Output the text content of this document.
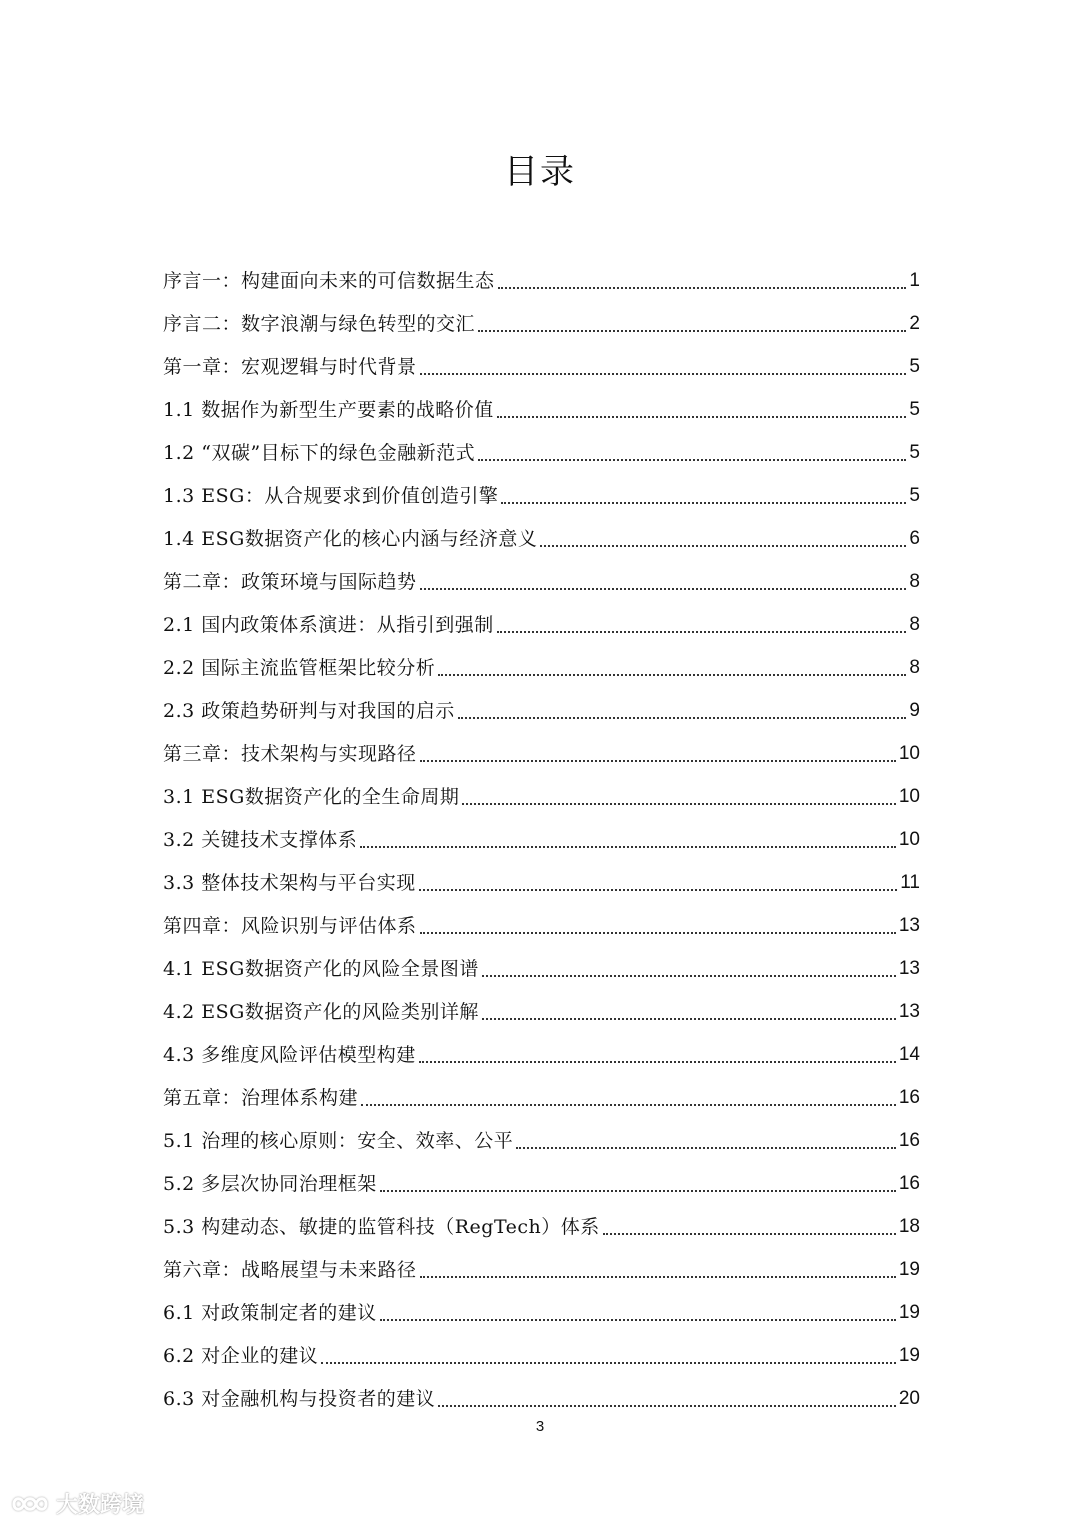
目录
序言一：构建面向未来的可信数据生态	1
序言二：数字浪潮与绿色转型的交汇	2
第一章：宏观逻辑与时代背景	5
1.1 数据作为新型生产要素的战略价值	5
1.2 “双碳”目标下的绿色金融新范式	5
1.3 ESG：从合规要求到价值创造引擎	5
1.4 ESG数据资产化的核心内涵与经济意义	6
第二章：政策环境与国际趋势	8
2.1 国内政策体系演进：从指引到强制	8
2.2 国际主流监管框架比较分析	8
2.3 政策趋势研判与对我国的启示	9
第三章：技术架构与实现路径	10
3.1 ESG数据资产化的全生命周期	10
3.2 关键技术支撑体系	10
3.3 整体技术架构与平台实现	11
第四章：风险识别与评估体系	13
4.1 ESG数据资产化的风险全景图谱	13
4.2 ESG数据资产化的风险类别详解	13
4.3 多维度风险评估模型构建	14
第五章：治理体系构建	16
5.1 治理的核心原则：安全、效率、公平	16
5.2 多层次协同治理框架	16
5.3 构建动态、敏捷的监管科技（RegTech）体系	18
第六章：战略展望与未来路径	19
6.1 对政策制定者的建议	19
6.2 对企业的建议	19
6.3 对金融机构与投资者的建议	20
3
大数跨境
